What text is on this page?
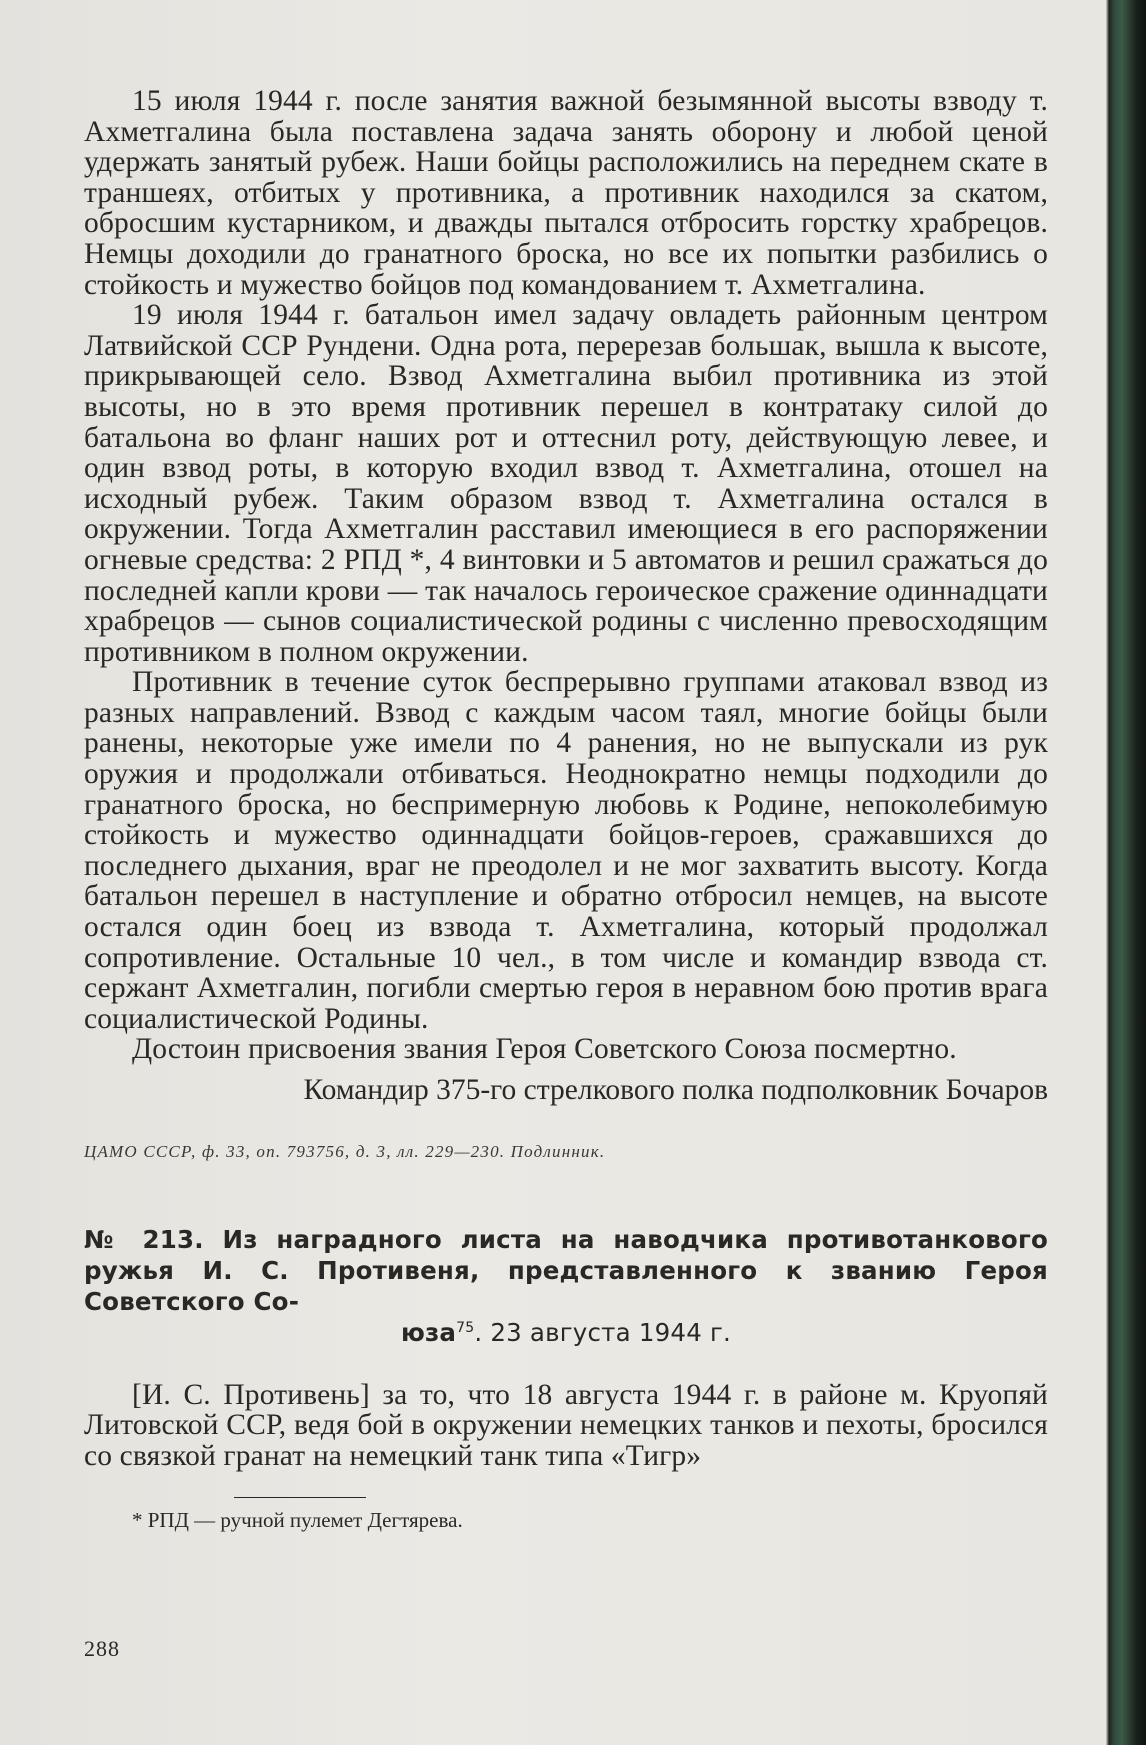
15 июля 1944 г. после занятия важной безымянной высоты взводу т. Ахметгалина была поставлена задача занять оборону и любой ценой удержать занятый рубеж. Наши бойцы расположились на переднем скате в траншеях, отбитых у противника, а противник находился за скатом, обросшим кустарником, и дважды пытался отбросить горстку храбрецов. Немцы доходили до гранатного броска, но все их попытки разбились о стойкость и мужество бойцов под командованием т. Ахметгалина.

19 июля 1944 г. батальон имел задачу овладеть районным центром Латвийской ССР Рундени. Одна рота, перерезав большак, вышла к высоте, прикрывающей село. Взвод Ахметгалина выбил противника из этой высоты, но в это время противник перешел в контратаку силой до батальона во фланг наших рот и оттеснил роту, действующую левее, и один взвод роты, в которую входил взвод т. Ахметгалина, отошел на исходный рубеж. Таким образом взвод т. Ахметгалина остался в окружении. Тогда Ахметгалин расставил имеющиеся в его распоряжении огневые средства: 2 РПД *, 4 винтовки и 5 автоматов и решил сражаться до последней капли крови — так началось героическое сражение одиннадцати храбрецов — сынов социалистической родины с численно превосходящим противником в полном окружении.

Противник в течение суток беспрерывно группами атаковал взвод из разных направлений. Взвод с каждым часом таял, многие бойцы были ранены, некоторые уже имели по 4 ранения, но не выпускали из рук оружия и продолжали отбиваться. Неоднократно немцы подходили до гранатного броска, но беспримерную любовь к Родине, непоколебимую стойкость и мужество одиннадцати бойцов-героев, сражавшихся до последнего дыхания, враг не преодолел и не мог захватить высоту. Когда батальон перешел в наступление и обратно отбросил немцев, на высоте остался один боец из взвода т. Ахметгалина, который продолжал сопротивление. Остальные 10 чел., в том числе и командир взвода ст. сержант Ахметгалин, погибли смертью героя в неравном бою против врага социалистической Родины.

Достоин присвоения звания Героя Советского Союза посмертно.

Командир 375-го стрелкового полка подполковник Бочаров

ЦАМО СССР, ф. 33, оп. 793756, д. 3, лл. 229—230. Подлинник.

№ 213. Из наградного листа на наводчика противотанкового ружья И. С. Противеня, представленного к званию Героя Советского Со-
юза$^{75}$. 23 августа 1944 г.

[И. С. Противень] за то, что 18 августа 1944 г. в районе м. Круопяй Литовской ССР, ведя бой в окружении немецких танков и пехоты, бросился со связкой гранат на немецкий танк типа «Тигр»

* РПД — ручной пулемет Дегтярева.

288
